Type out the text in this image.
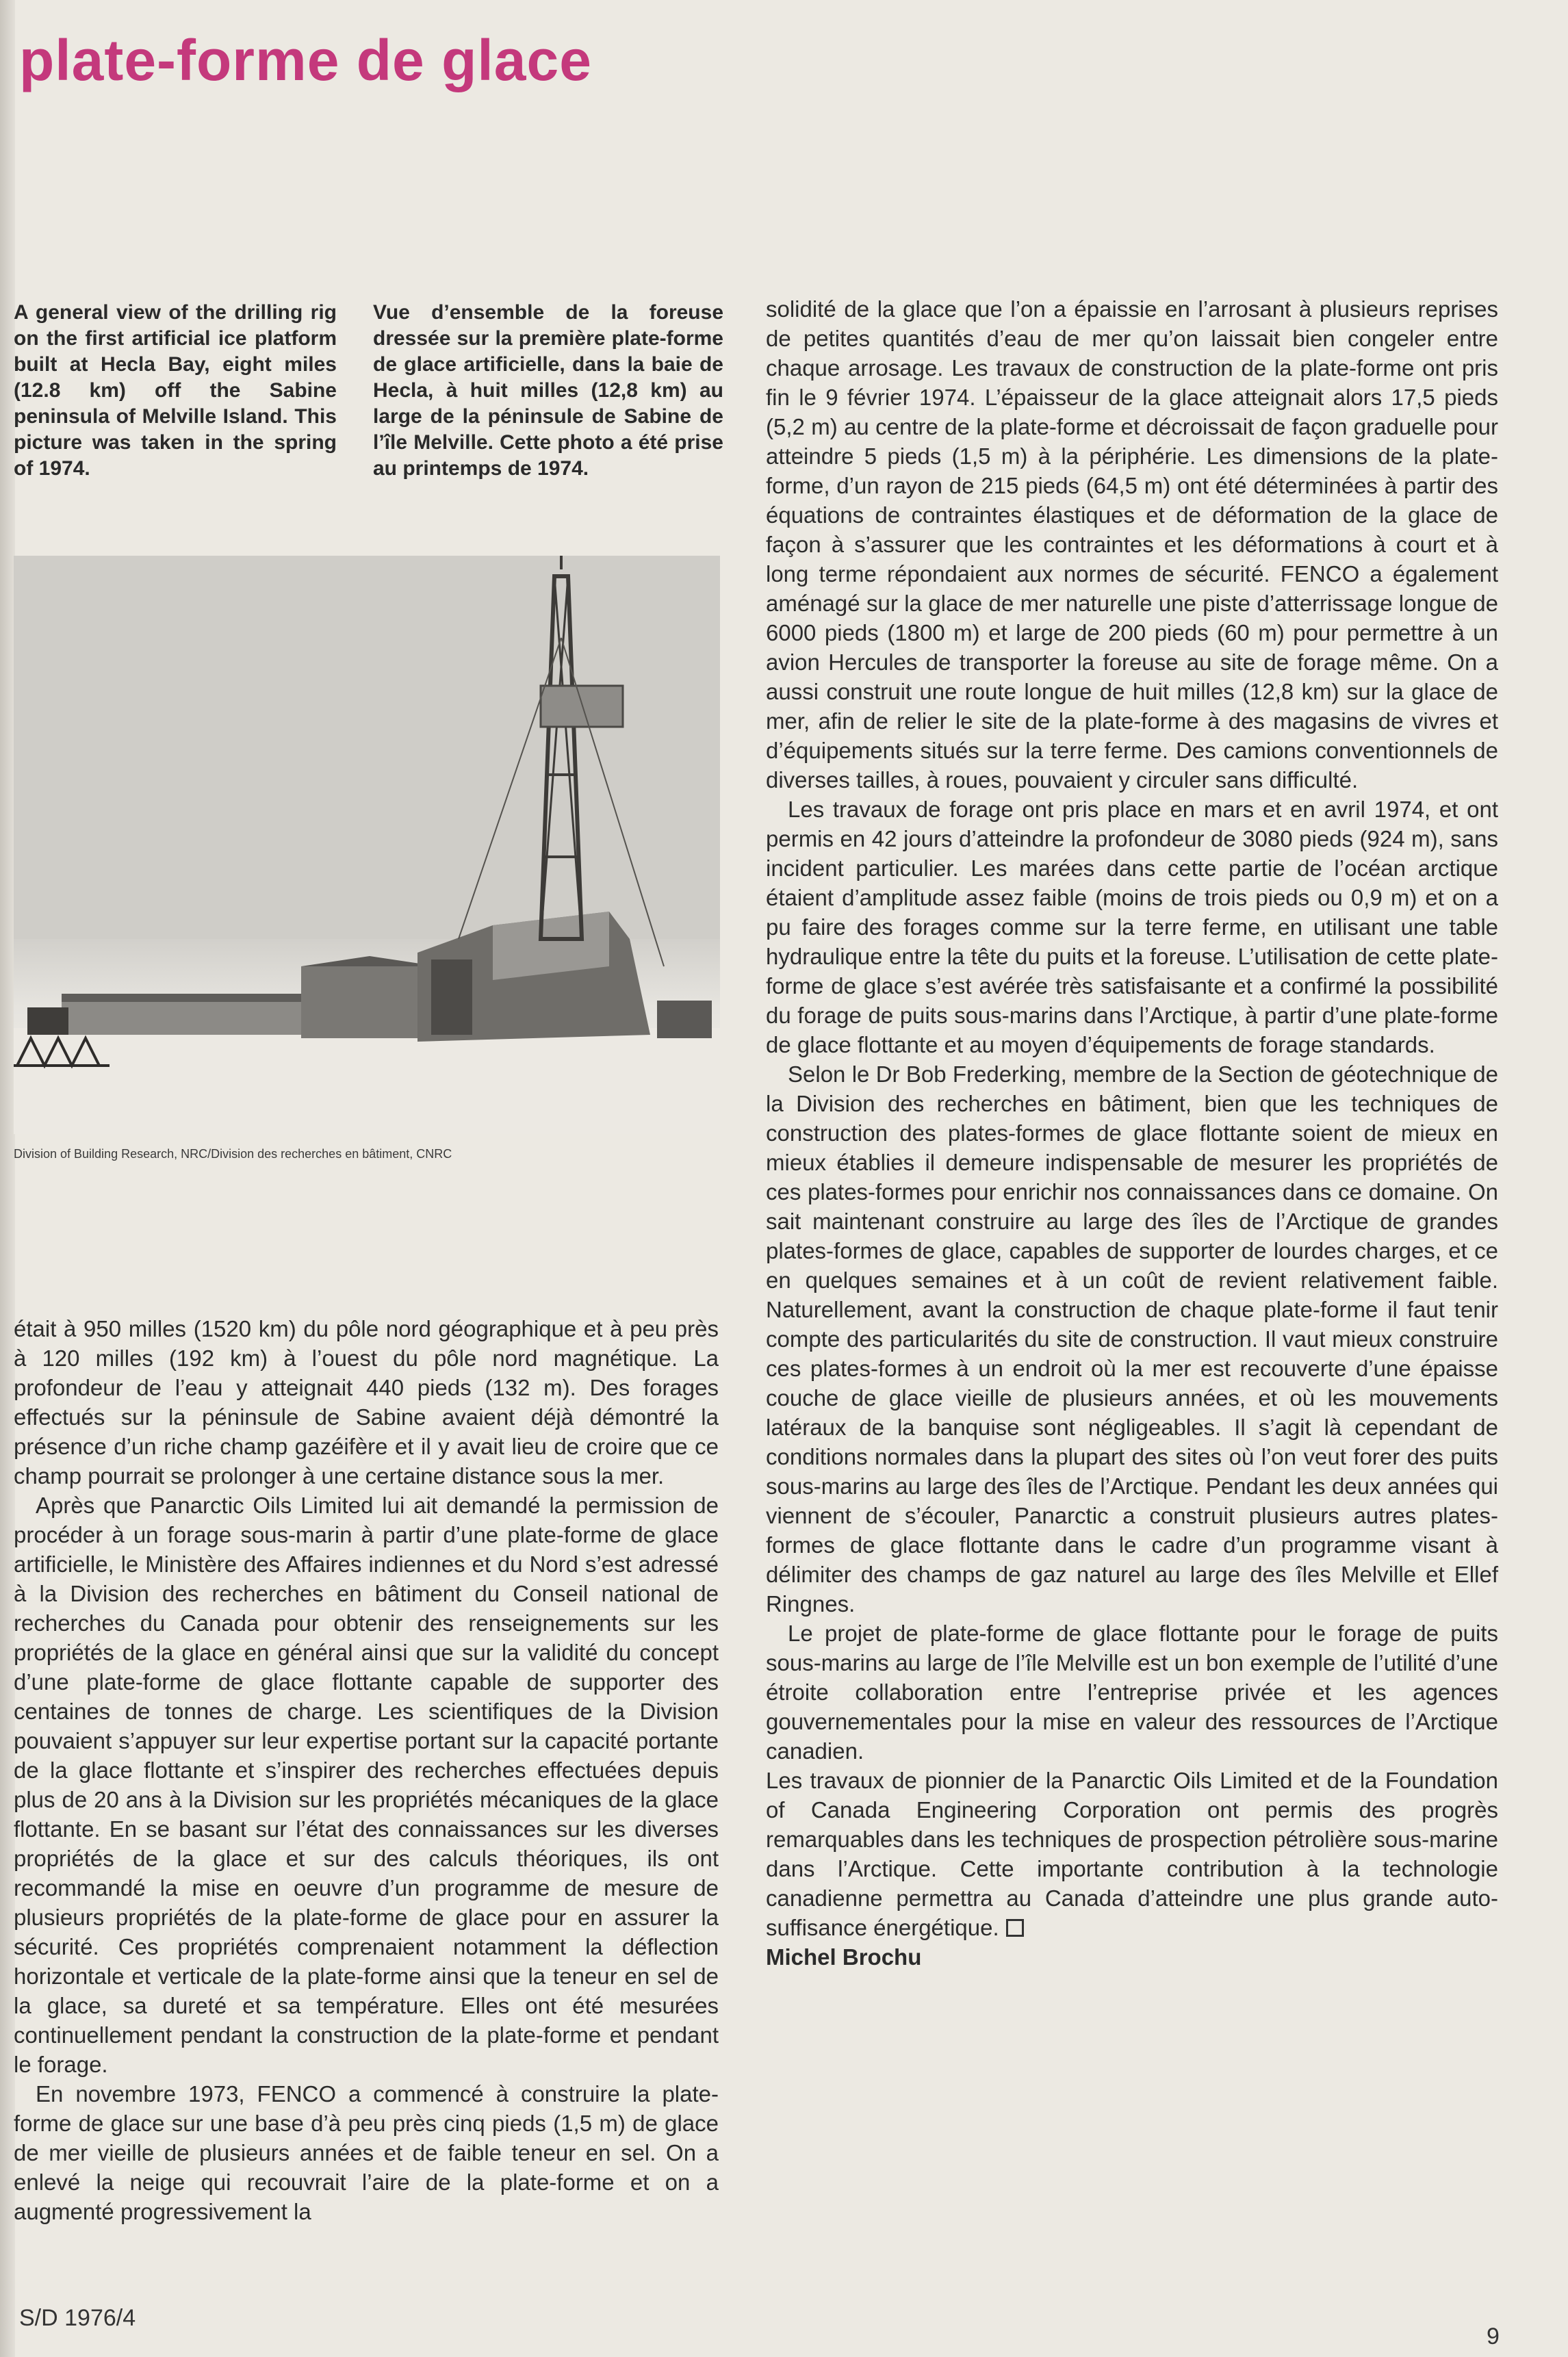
plate-forme de glace

A general view of the drilling rig on the first artificial ice platform built at Hecla Bay, eight miles (12.8 km) off the Sabine peninsula of Melville Island. This picture was taken in the spring of 1974.

Vue d’ensemble de la foreuse dressée sur la première plate-forme de glace artificielle, dans la baie de Hecla, à huit milles (12,8 km) au large de la péninsule de Sabine de l’île Melville. Cette photo a été prise au printemps de 1974.

Division of Building Research, NRC/Division des recherches en bâtiment, CNRC

était à 950 milles (1520 km) du pôle nord géographique et à peu près à 120 milles (192 km) à l’ouest du pôle nord magnétique. La profondeur de l’eau y atteignait 440 pieds (132 m). Des forages effectués sur la péninsule de Sabine avaient déjà démontré la présence d’un riche champ gazéifère et il y avait lieu de croire que ce champ pourrait se prolonger à une certaine distance sous la mer.

Après que Panarctic Oils Limited lui ait demandé la permission de procéder à un forage sous-marin à partir d’une plate-forme de glace artificielle, le Ministère des Affaires indiennes et du Nord s’est adressé à la Division des recherches en bâtiment du Conseil national de recherches du Canada pour obtenir des renseignements sur les propriétés de la glace en général ainsi que sur la validité du concept d’une plate-forme de glace flottante capable de supporter des centaines de tonnes de charge. Les scientifiques de la Division pouvaient s’appuyer sur leur expertise portant sur la capacité portante de la glace flottante et s’inspirer des recherches effectuées depuis plus de 20 ans à la Division sur les propriétés mécaniques de la glace flottante. En se basant sur l’état des connaissances sur les diverses propriétés de la glace et sur des calculs théoriques, ils ont recommandé la mise en oeuvre d’un programme de mesure de plusieurs propriétés de la plate-forme de glace pour en assurer la sécurité. Ces propriétés comprenaient notamment la déflection horizontale et verticale de la plate-forme ainsi que la teneur en sel de la glace, sa dureté et sa température. Elles ont été mesurées continuellement pendant la construction de la plate-forme et pendant le forage.

En novembre 1973, FENCO a commencé à construire la plate-forme de glace sur une base d’à peu près cinq pieds (1,5 m) de glace de mer vieille de plusieurs années et de faible teneur en sel. On a enlevé la neige qui recouvrait l’aire de la plate-forme et on a augmenté progressivement la

solidité de la glace que l’on a épaissie en l’arrosant à plusieurs reprises de petites quantités d’eau de mer qu’on laissait bien congeler entre chaque arrosage. Les travaux de construction de la plate-forme ont pris fin le 9 février 1974. L’épaisseur de la glace atteignait alors 17,5 pieds (5,2 m) au centre de la plate-forme et décroissait de façon graduelle pour atteindre 5 pieds (1,5 m) à la périphérie. Les dimensions de la plate-forme, d’un rayon de 215 pieds (64,5 m) ont été déterminées à partir des équations de contraintes élastiques et de déformation de la glace de façon à s’assurer que les contraintes et les déformations à court et à long terme répondaient aux normes de sécurité. FENCO a également aménagé sur la glace de mer naturelle une piste d’atterrissage longue de 6000 pieds (1800 m) et large de 200 pieds (60 m) pour permettre à un avion Hercules de transporter la foreuse au site de forage même. On a aussi construit une route longue de huit milles (12,8 km) sur la glace de mer, afin de relier le site de la plate-forme à des magasins de vivres et d’équipements situés sur la terre ferme. Des camions conventionnels de diverses tailles, à roues, pouvaient y circuler sans difficulté.

Les travaux de forage ont pris place en mars et en avril 1974, et ont permis en 42 jours d’atteindre la profondeur de 3080 pieds (924 m), sans incident particulier. Les marées dans cette partie de l’océan arctique étaient d’amplitude assez faible (moins de trois pieds ou 0,9 m) et on a pu faire des forages comme sur la terre ferme, en utilisant une table hydraulique entre la tête du puits et la foreuse. L’utilisation de cette plate-forme de glace s’est avérée très satisfaisante et a confirmé la possibilité du forage de puits sous-marins dans l’Arctique, à partir d’une plate-forme de glace flottante et au moyen d’équipements de forage standards.

Selon le Dr Bob Frederking, membre de la Section de géotechnique de la Division des recherches en bâtiment, bien que les techniques de construction des plates-formes de glace flottante soient de mieux en mieux établies il demeure indispensable de mesurer les propriétés de ces plates-formes pour enrichir nos connaissances dans ce domaine. On sait maintenant construire au large des îles de l’Arctique de grandes plates-formes de glace, capables de supporter de lourdes charges, et ce en quelques semaines et à un coût de revient relativement faible. Naturellement, avant la construction de chaque plate-forme il faut tenir compte des particularités du site de construction. Il vaut mieux construire ces plates-formes à un endroit où la mer est recouverte d’une épaisse couche de glace vieille de plusieurs années, et où les mouvements latéraux de la banquise sont négligeables. Il s’agit là cependant de conditions normales dans la plupart des sites où l’on veut forer des puits sous-marins au large des îles de l’Arctique. Pendant les deux années qui viennent de s’écouler, Panarctic a construit plusieurs autres plates-formes de glace flottante dans le cadre d’un programme visant à délimiter des champs de gaz naturel au large des îles Melville et Ellef Ringnes.

Le projet de plate-forme de glace flottante pour le forage de puits sous-marins au large de l’île Melville est un bon exemple de l’utilité d’une étroite collaboration entre l’entreprise privée et les agences gouvernementales pour la mise en valeur des ressources de l’Arctique canadien.

Les travaux de pionnier de la Panarctic Oils Limited et de la Foundation of Canada Engineering Corporation ont permis des progrès remarquables dans les techniques de prospection pétrolière sous-marine dans l’Arctique. Cette importante contribution à la technologie canadienne permettra au Canada d’atteindre une plus grande auto-suffisance énergétique.

Michel Brochu

S/D 1976/4

9
